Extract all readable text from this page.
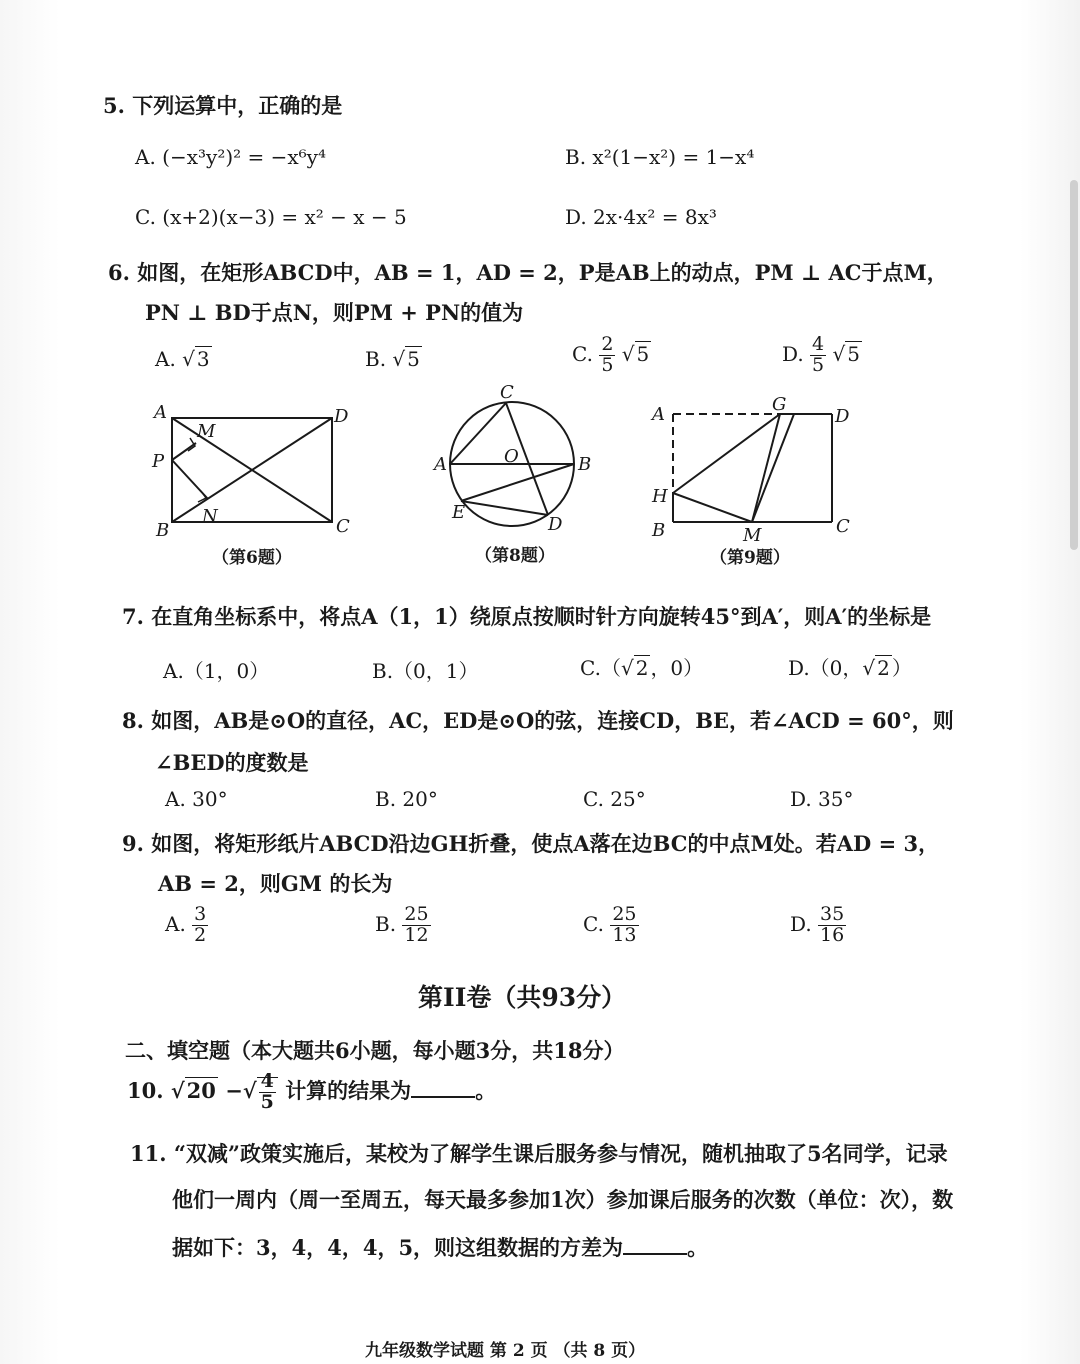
5. 下列运算中，正确的是
A. (−x³y²)² = −x⁶y⁴	B. x²(1−x²) = 1−x⁴
C. (x+2)(x−3) = x² − x − 5	D. 2x·4x² = 8x³
6. 如图，在矩形ABCD中，AB = 1，AD = 2，P是AB上的动点，PM ⊥ AC于点M，
PN ⊥ BD于点N，则PM + PN的值为
A. √ 3	B. √ 5	C. $\frac{2}{5}$ √ 5	D. $\frac{4}{5}$ √ 5
A	D
M
P
N
B	C
C
O
A	B
E
D
A	G
D
H
B	M	C
（第6题）	（第8题）	（第9题）
7. 在直角坐标系中，将点A（1，1）绕原点按顺时针方向旋转45°到A′，则A′的坐标是
A.（1，0）	B.（0，1）	C.（√ 2 ，0）	D.（0，√ 2 ）
8. 如图，AB是⊙O的直径，AC，ED是⊙O的弦，连接CD，BE，若∠ACD = 60°，则
∠BED的度数是
A. 30°	B. 20°	C. 25°	D. 35°
9. 如图，将矩形纸片ABCD沿边GH折叠，使点A落在边BC的中点M处。若AD = 3，
AB = 2，则GM 的长为
A. $\frac{3}{2}$	B. $\frac{25}{12}$	C. $\frac{25}{13}$	D. $\frac{35}{16}$
第II卷（共93分）
二、填空题（本大题共6小题，每小题3分，共18分）
10. √20 −√ $\frac{4}{5}$ 计算的结果为	。
11. “双减”政策实施后，某校为了解学生课后服务参与情况，随机抽取了5名同学，记录
他们一周内（周一至周五，每天最多参加1次）参加课后服务的次数（单位：次），数
据如下：3，4，4，4，5，则这组数据的方差为	。
九年级数学试题 第 2 页 （共 8 页）
